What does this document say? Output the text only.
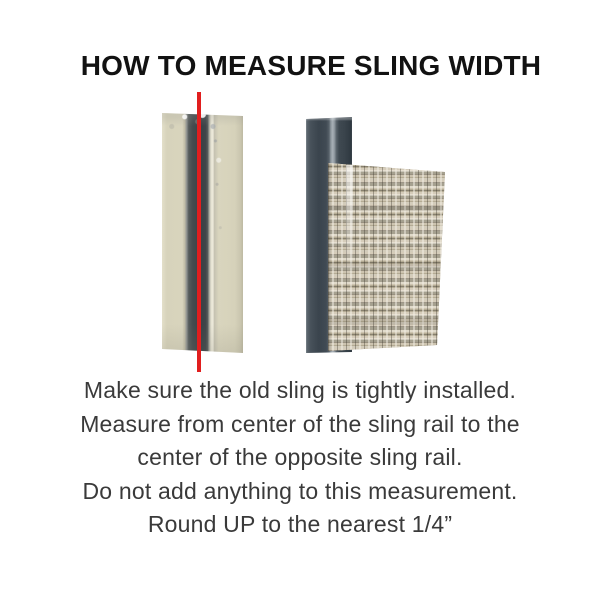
HOW TO MEASURE SLING WIDTH

Make sure the old sling is tightly installed.

Measure from center of the sling rail to the

center of the opposite sling rail.

Do not add anything to this measurement.

Round UP to the nearest 1/4”
